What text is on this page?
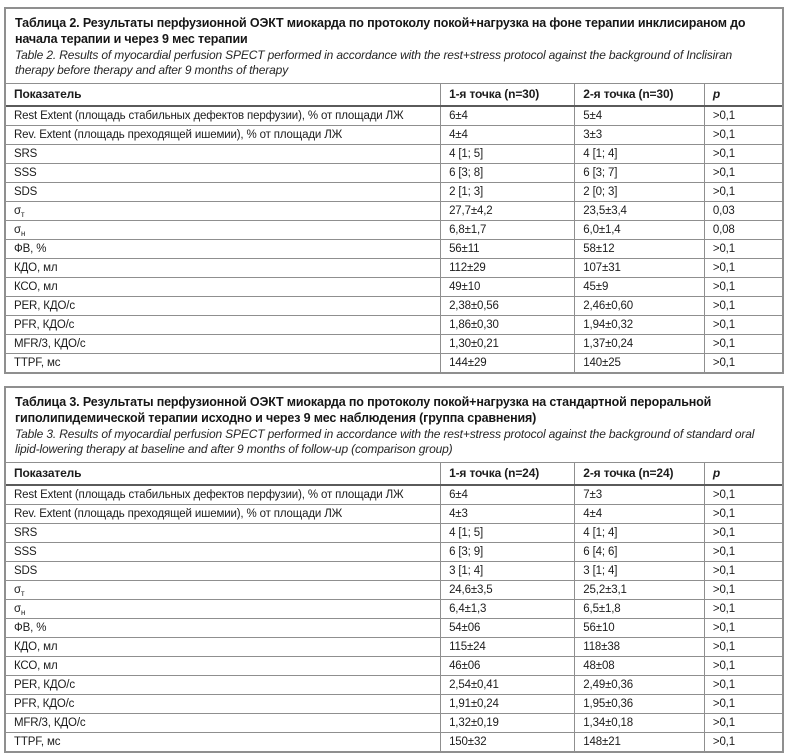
Таблица 2. Результаты перфузионной ОЭКТ миокарда по протоколу покой+нагрузка на фоне терапии инклисираном до начала терапии и через 9 мес терапии
Table 2. Results of myocardial perfusion SPECT performed in accordance with the rest+stress protocol against the background of Inclisiran therapy before therapy and after 9 months of therapy
Показатель	1-я точка (n=30)	2-я точка (n=30)	p
Rest Extent (площадь стабильных дефектов перфузии), % от площади ЛЖ	6±4	5±4	>0,1
Rev. Extent (площадь преходящей ишемии), % от площади ЛЖ	4±4	3±3	>0,1
SRS	4 [1; 5]	4 [1; 4]	>0,1
SSS	6 [3; 8]	6 [3; 7]	>0,1
SDS	2 [1; 3]	2 [0; 3]	>0,1
$\sigma_т$	27,7±4,2	23,5±3,4	0,03
$\sigma_н$	6,8±1,7	6,0±1,4	0,08
ФВ, %	56±11	58±12	>0,1
КДО, мл	112±29	107±31	>0,1
КСО, мл	49±10	45±9	>0,1
PER, КДО/с	2,38±0,56	2,46±0,60	>0,1
PFR, КДО/с	1,86±0,30	1,94±0,32	>0,1
MFR/3, КДО/с	1,30±0,21	1,37±0,24	>0,1
TTPF, мс	144±29	140±25	>0,1
Таблица 3. Результаты перфузионной ОЭКТ миокарда по протоколу покой+нагрузка на стандартной пероральной гиполипидемической терапии исходно и через 9 мес наблюдения (группа сравнения)
Table 3. Results of myocardial perfusion SPECT performed in accordance with the rest+stress protocol against the background of standard oral lipid-lowering therapy at baseline and after 9 months of follow-up (comparison group)
Показатель	1-я точка (n=24)	2-я точка (n=24)	p
Rest Extent (площадь стабильных дефектов перфузии), % от площади ЛЖ	6±4	7±3	>0,1
Rev. Extent (площадь преходящей ишемии), % от площади ЛЖ	4±3	4±4	>0,1
SRS	4 [1; 5]	4 [1; 4]	>0,1
SSS	6 [3; 9]	6 [4; 6]	>0,1
SDS	3 [1; 4]	3 [1; 4]	>0,1
$\sigma_т$	24,6±3,5	25,2±3,1	>0,1
$\sigma_н$	6,4±1,3	6,5±1,8	>0,1
ФВ, %	54±06	56±10	>0,1
КДО, мл	115±24	118±38	>0,1
КСО, мл	46±06	48±08	>0,1
PER, КДО/с	2,54±0,41	2,49±0,36	>0,1
PFR, КДО/с	1,91±0,24	1,95±0,36	>0,1
MFR/3, КДО/с	1,32±0,19	1,34±0,18	>0,1
TTPF, мс	150±32	148±21	>0,1
